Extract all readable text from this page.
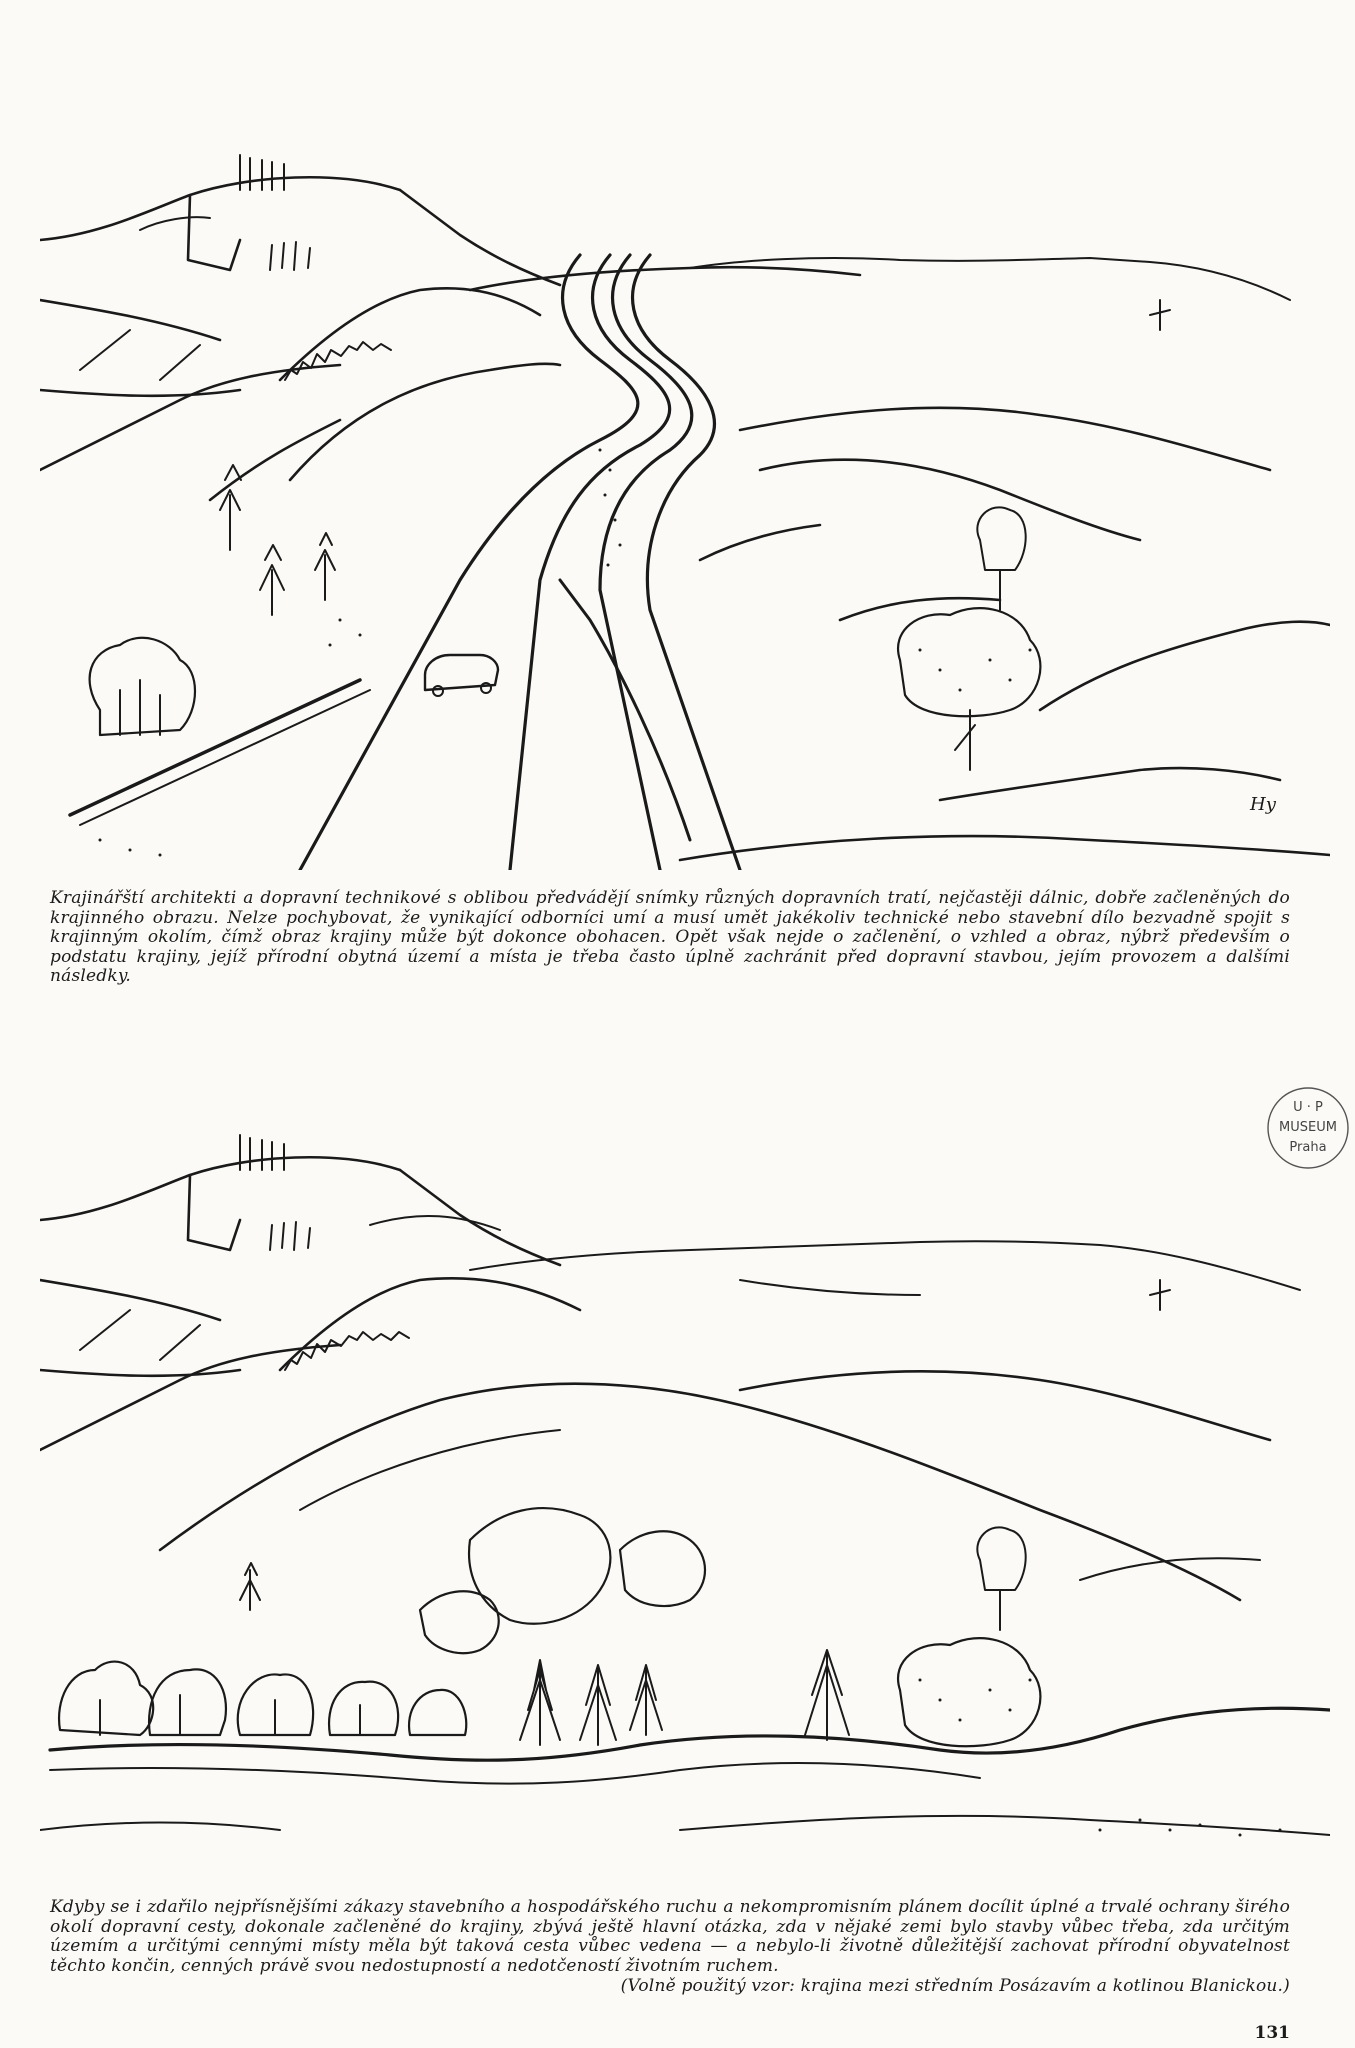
Hy

Krajinářští architekti a dopravní technikové s oblibou předvádějí snímky různých dopravních tratí, nejčastěji dálnic, dobře začleněných do krajinného obrazu. Nelze pochybovat, že vynikající odborníci umí a musí umět jakékoliv technické nebo stavební dílo bezvadně spojit s krajinným okolím, čímž obraz krajiny může být dokonce obohacen. Opět však nejde o začlenění, o vzhled a obraz, nýbrž především o podstatu krajiny, jejíž přírodní obytná území a místa je třeba často úplně zachránit před dopravní stavbou, jejím provozem a dalšími následky.

U · P
MUSEUM
Praha

Kdyby se i zdařilo nejpřísnějšími zákazy stavebního a hospodářského ruchu a nekompromisním plánem docílit úplné a trvalé ochrany širého okolí dopravní cesty, dokonale začleněné do krajiny, zbývá ještě hlavní otázka, zda v nějaké zemi bylo stavby vůbec třeba, zda určitým územím a určitými cennými místy měla být taková cesta vůbec vedena — a nebylo-li životně důležitější zachovat přírodní obyvatelnost těchto končin, cenných právě svou nedostupností a nedotčeností životním ruchem.

(Volně použitý vzor: krajina mezi středním Posázavím a kotlinou Blanickou.)

131
